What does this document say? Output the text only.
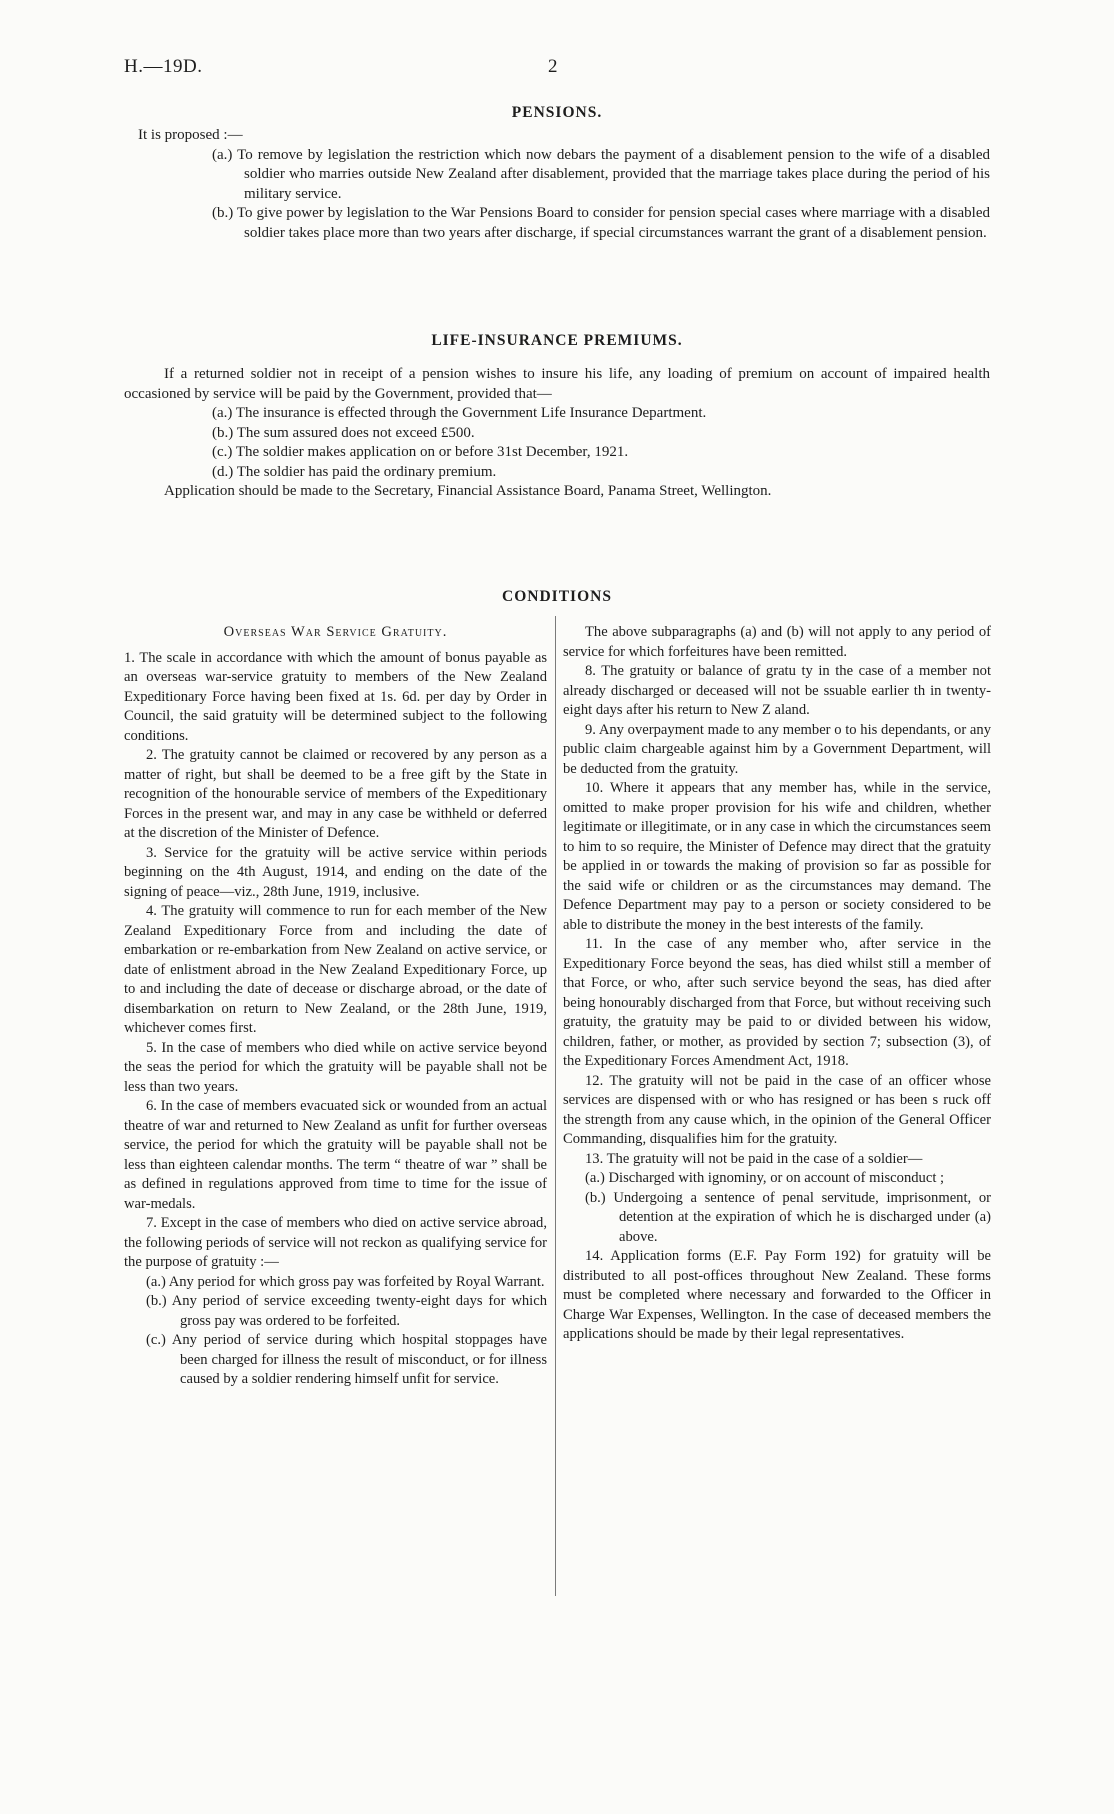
H.—19D.	2
PENSIONS.

It is proposed :—

(a.) To remove by legislation the restriction which now debars the payment of a disablement pension to the wife of a disabled soldier who marries outside New Zealand after disablement, provided that the marriage takes place during the period of his military service.

(b.) To give power by legislation to the War Pensions Board to consider for pension special cases where marriage with a disabled soldier takes place more than two years after discharge, if special circumstances warrant the grant of a disablement pension.

LIFE-INSURANCE PREMIUMS.

If a returned soldier not in receipt of a pension wishes to insure his life, any loading of premium on account of impaired health occasioned by service will be paid by the Government, provided that—

(a.) The insurance is effected through the Government Life Insurance Department.

(b.) The sum assured does not exceed £500.

(c.) The soldier makes application on or before 31st December, 1921.

(d.) The soldier has paid the ordinary premium.

Application should be made to the Secretary, Financial Assistance Board, Panama Street, Wellington.

CONDITIONS

Overseas War Service Gratuity.

1. The scale in accordance with which the amount of bonus payable as an overseas war-service gratuity to members of the New Zealand Expeditionary Force having been fixed at 1s. 6d. per day by Order in Council, the said gratuity will be determined subject to the following conditions.

2. The gratuity cannot be claimed or recovered by any person as a matter of right, but shall be deemed to be a free gift by the State in recognition of the honourable service of members of the Expeditionary Forces in the present war, and may in any case be withheld or deferred at the discretion of the Minister of Defence.

3. Service for the gratuity will be active service within periods beginning on the 4th August, 1914, and ending on the date of the signing of peace—viz., 28th June, 1919, inclusive.

4. The gratuity will commence to run for each member of the New Zealand Expeditionary Force from and including the date of embarkation or re-embarkation from New Zealand on active service, or date of enlistment abroad in the New Zealand Expeditionary Force, up to and including the date of decease or discharge abroad, or the date of disembarkation on return to New Zealand, or the 28th June, 1919, whichever comes first.

5. In the case of members who died while on active service beyond the seas the period for which the gratuity will be payable shall not be less than two years.

6. In the case of members evacuated sick or wounded from an actual theatre of war and returned to New Zealand as unfit for further overseas service, the period for which the gratuity will be payable shall not be less than eighteen calendar months. The term “ theatre of war ” shall be as defined in regulations approved from time to time for the issue of war-medals.

7. Except in the case of members who died on active service abroad, the following periods of service will not reckon as qualifying service for the purpose of gratuity :—

(a.) Any period for which gross pay was forfeited by Royal Warrant.

(b.) Any period of service exceeding twenty-eight days for which gross pay was ordered to be forfeited.

(c.) Any period of service during which hospital stoppages have been charged for illness the result of misconduct, or for illness caused by a soldier rendering himself unfit for service.

The above subparagraphs (a) and (b) will not apply to any period of service for which forfeitures have been remitted.

8. The gratuity or balance of gratu ty in the case of a member not already discharged or deceased will not be ssuable earlier th in twenty-eight days after his return to New Z aland.

9. Any overpayment made to any member o to his dependants, or any public claim chargeable against him by a Government Department, will be deducted from the gratuity.

10. Where it appears that any member has, while in the service, omitted to make proper provision for his wife and children, whether legitimate or illegitimate, or in any case in which the circumstances seem to him to so require, the Minister of Defence may direct that the gratuity be applied in or towards the making of provision so far as possible for the said wife or children or as the circumstances may demand. The Defence Department may pay to a person or society considered to be able to distribute the money in the best interests of the family.

11. In the case of any member who, after service in the Expeditionary Force beyond the seas, has died whilst still a member of that Force, or who, after such service beyond the seas, has died after being honourably discharged from that Force, but without receiving such gratuity, the gratuity may be paid to or divided between his widow, children, father, or mother, as provided by section 7; subsection (3), of the Expeditionary Forces Amendment Act, 1918.

12. The gratuity will not be paid in the case of an officer whose services are dispensed with or who has resigned or has been s ruck off the strength from any cause which, in the opinion of the General Officer Commanding, disqualifies him for the gratuity.

13. The gratuity will not be paid in the case of a soldier—

(a.) Discharged with ignominy, or on account of misconduct ;

(b.) Undergoing a sentence of penal servitude, imprisonment, or detention at the expiration of which he is discharged under (a) above.

14. Application forms (E.F. Pay Form 192) for gratuity will be distributed to all post-offices throughout New Zealand. These forms must be completed where necessary and forwarded to the Officer in Charge War Expenses, Wellington. In the case of deceased members the applications should be made by their legal representatives.
